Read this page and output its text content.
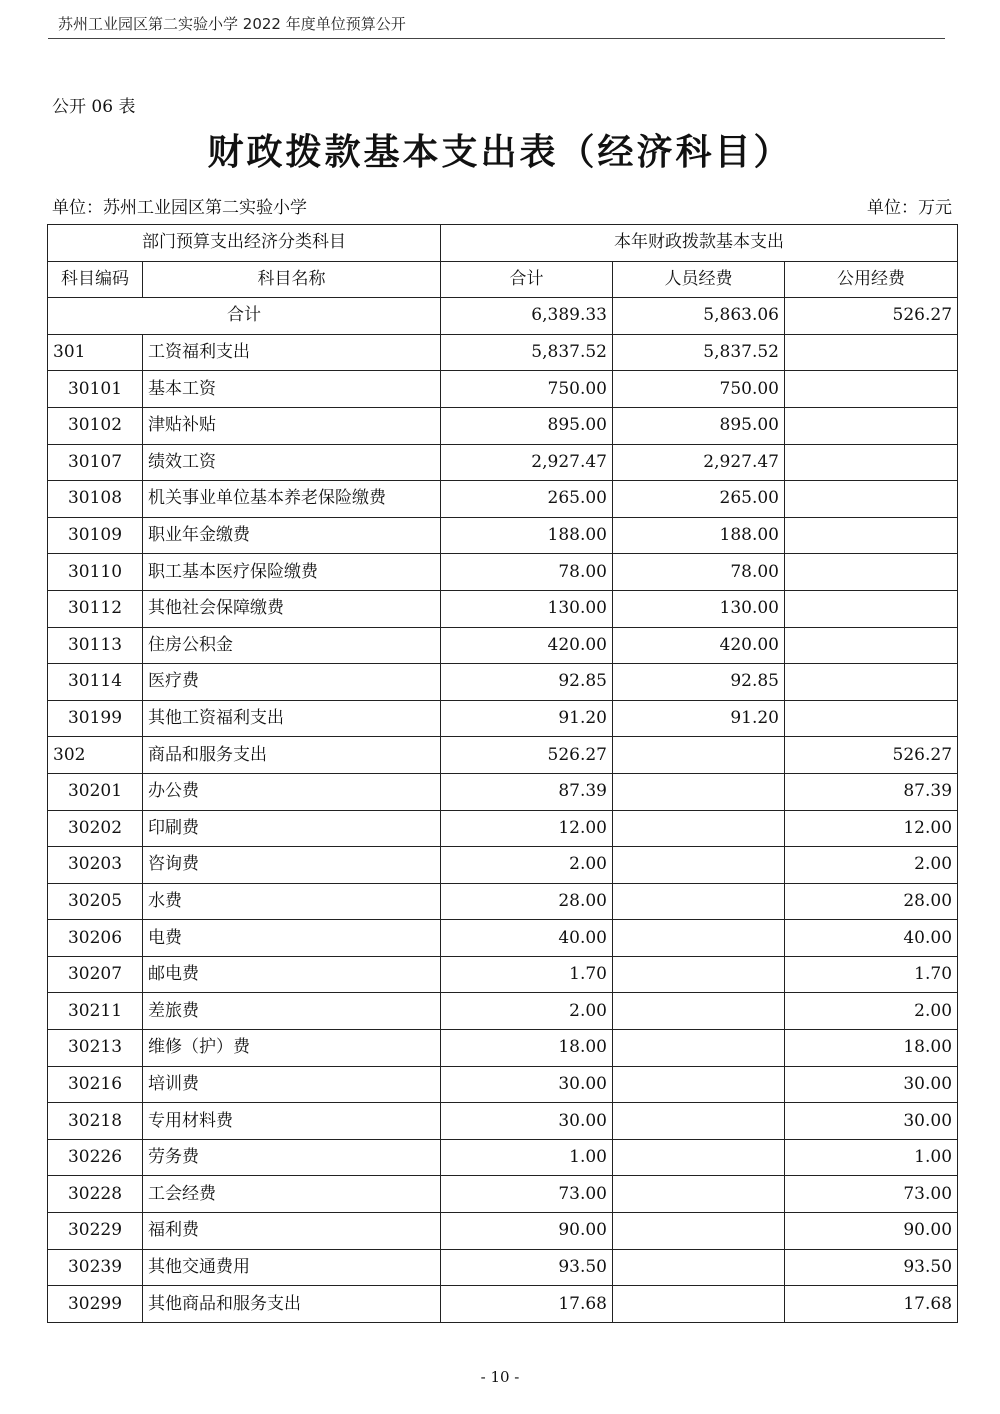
苏州工业园区第二实验小学 2022 年度单位预算公开
公开 06 表
财政拨款基本支出表（经济科目）
单位：苏州工业园区第二实验小学	单位：万元
部门预算支出经济分类科目		本年财政拨款基本支出		
科目编码	科目名称	合计	人员经费	公用经费
合计		6,389.33	5,863.06	526.27
301	工资福利支出	5,837.52	5,837.52	
30101	基本工资	750.00	750.00	
30102	津贴补贴	895.00	895.00	
30107	绩效工资	2,927.47	2,927.47	
30108	机关事业单位基本养老保险缴费	265.00	265.00	
30109	职业年金缴费	188.00	188.00	
30110	职工基本医疗保险缴费	78.00	78.00	
30112	其他社会保障缴费	130.00	130.00	
30113	住房公积金	420.00	420.00	
30114	医疗费	92.85	92.85	
30199	其他工资福利支出	91.20	91.20	
302	商品和服务支出	526.27		526.27
30201	办公费	87.39		87.39
30202	印刷费	12.00		12.00
30203	咨询费	2.00		2.00
30205	水费	28.00		28.00
30206	电费	40.00		40.00
30207	邮电费	1.70		1.70
30211	差旅费	2.00		2.00
30213	维修（护）费	18.00		18.00
30216	培训费	30.00		30.00
30218	专用材料费	30.00		30.00
30226	劳务费	1.00		1.00
30228	工会经费	73.00		73.00
30229	福利费	90.00		90.00
30239	其他交通费用	93.50		93.50
30299	其他商品和服务支出	17.68		17.68
- 10 -
